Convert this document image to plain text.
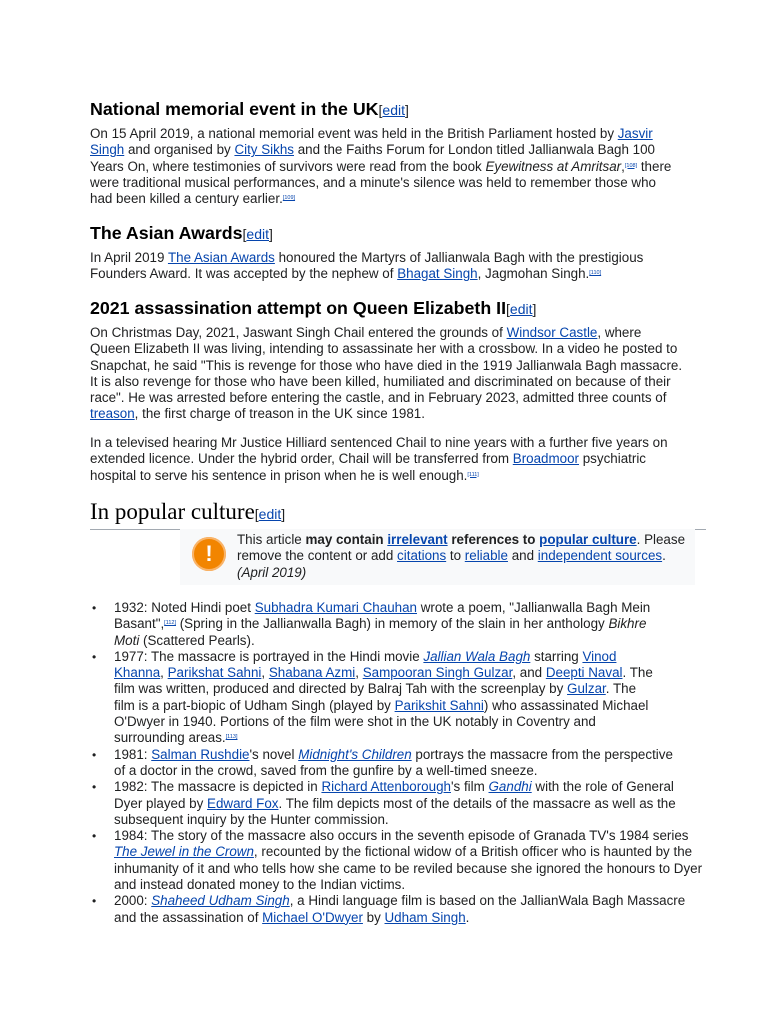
National memorial event in the UK[edit]

On 15 April 2019, a national memorial event was held in the British Parliament hosted by Jasvir Singh and organised by City Sikhs and the Faiths Forum for London titled Jallianwala Bagh 100 Years On, where testimonies of survivors were read from the book Eyewitness at Amritsar,[108] there were traditional musical performances, and a minute's silence was held to remember those who had been killed a century earlier.[109]

The Asian Awards[edit]

In April 2019 The Asian Awards honoured the Martyrs of Jallianwala Bagh with the prestigious Founders Award. It was accepted by the nephew of Bhagat Singh, Jagmohan Singh.[110]

2021 assassination attempt on Queen Elizabeth II[edit]

On Christmas Day, 2021, Jaswant Singh Chail entered the grounds of Windsor Castle, where Queen Elizabeth II was living, intending to assassinate her with a crossbow. In a video he posted to Snapchat, he said "This is revenge for those who have died in the 1919 Jallianwala Bagh massacre. It is also revenge for those who have been killed, humiliated and discriminated on because of their race". He was arrested before entering the castle, and in February 2023, admitted three counts of treason, the first charge of treason in the UK since 1981.

In a televised hearing Mr Justice Hilliard sentenced Chail to nine years with a further five years on extended licence. Under the hybrid order, Chail will be transferred from Broadmoor psychiatric hospital to serve his sentence in prison when he is well enough.[111]

In popular culture[edit]
!
This article may contain irrelevant references to popular culture. Please remove the content or add citations to reliable and independent sources. (April 2019)
• 1932: Noted Hindi poet Subhadra Kumari Chauhan wrote a poem, "Jallianwalla Bagh Mein Basant",[112] (Spring in the Jallianwalla Bagh) in memory of the slain in her anthology Bikhre Moti (Scattered Pearls).
• 1977: The massacre is portrayed in the Hindi movie Jallian Wala Bagh starring Vinod Khanna, Parikshat Sahni, Shabana Azmi, Sampooran Singh Gulzar, and Deepti Naval. The film was written, produced and directed by Balraj Tah with the screenplay by Gulzar. The film is a part-biopic of Udham Singh (played by Parikshit Sahni) who assassinated Michael O'Dwyer in 1940. Portions of the film were shot in the UK notably in Coventry and surrounding areas.[113]
• 1981: Salman Rushdie's novel Midnight's Children portrays the massacre from the perspective of a doctor in the crowd, saved from the gunfire by a well-timed sneeze.
• 1982: The massacre is depicted in Richard Attenborough's film Gandhi with the role of General Dyer played by Edward Fox. The film depicts most of the details of the massacre as well as the subsequent inquiry by the Hunter commission.
• 1984: The story of the massacre also occurs in the seventh episode of Granada TV's 1984 series The Jewel in the Crown, recounted by the fictional widow of a British officer who is haunted by the inhumanity of it and who tells how she came to be reviled because she ignored the honours to Dyer and instead donated money to the Indian victims.
• 2000: Shaheed Udham Singh, a Hindi language film is based on the JallianWala Bagh Massacre and the assassination of Michael O'Dwyer by Udham Singh.
